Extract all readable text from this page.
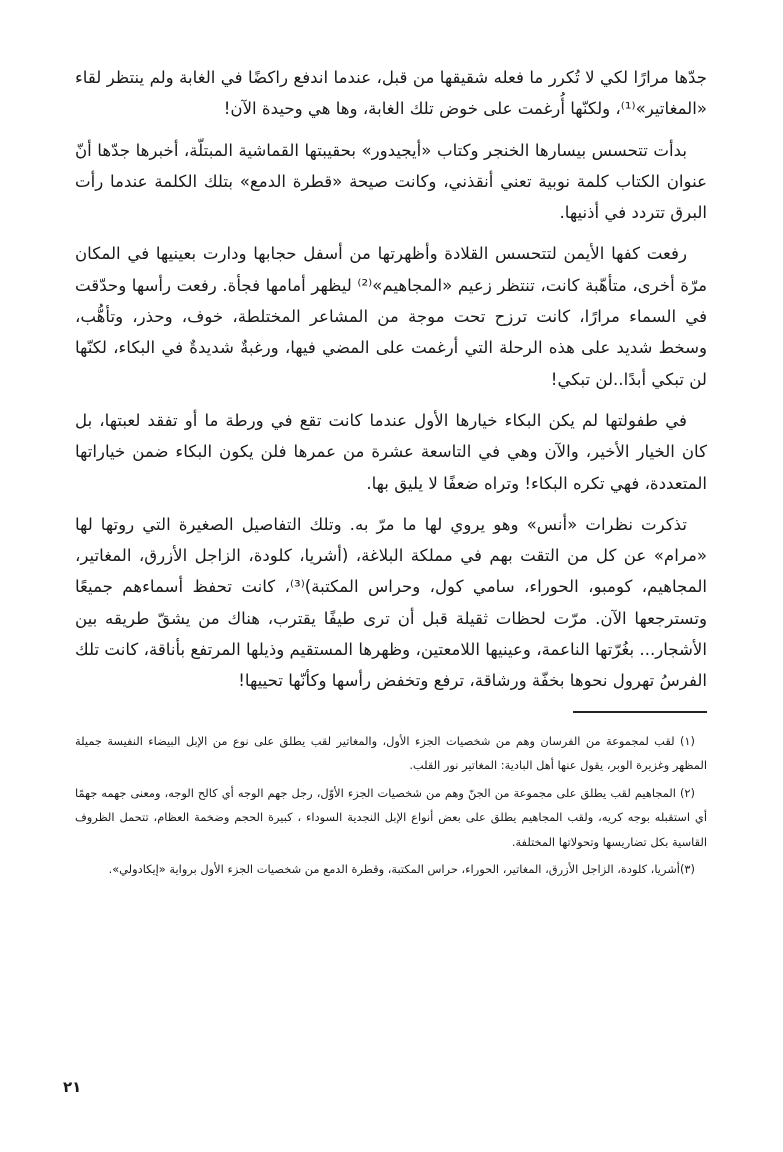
جدّها مرارًا لكي لا تُكرر ما فعله شقيقها من قبل، عندما اندفع راكضًا في الغابة ولم ينتظر لقاء «المغاتير»⁽¹⁾، ولكنّها أُرغمت على خوض تلك الغابة، وها هي وحيدة الآن!

بدأت تتحسس بيسارها الخنجر وكتاب «أيجيدور» بحقيبتها القماشية المبتلّة، أخبرها جدّها أنّ عنوان الكتاب كلمة نوبية تعني أنقذني، وكانت صيحة «قطرة الدمع» بتلك الكلمة عندما رأت البرق تتردد في أذنيها.

رفعت كفها الأيمن لتتحسس القلادة وأظهرتها من أسفل حجابها ودارت بعينيها في المكان مرّة أخرى، متأهّبة كانت، تنتظر زعيم «المجاهيم»⁽²⁾ ليظهر أمامها فجأة. رفعت رأسها وحدّقت في السماء مرارًا، كانت ترزح تحت موجة من المشاعر المختلطة، خوف، وحذر، وتأهُّب، وسخط شديد على هذه الرحلة التي أرغمت على المضي فيها، ورغبةٌ شديدةٌ في البكاء، لكنّها لن تبكي أبدًا..لن تبكي!

في طفولتها لم يكن البكاء خيارها الأول عندما كانت تقع في ورطة ما أو تفقد لعبتها، بل كان الخيار الأخير، والآن وهي في التاسعة عشرة من عمرها فلن يكون البكاء ضمن خياراتها المتعددة، فهي تكره البكاء! وتراه ضعفًا لا يليق بها.

تذكرت نظرات «أنس» وهو يروي لها ما مرّ به. وتلك التفاصيل الصغيرة التي روتها لها «مرام» عن كل من التقت بهم في مملكة البلاغة، (أشريا، كلودة، الزاجل الأزرق، المغاتير، المجاهيم، كومبو، الحوراء، سامي كول، وحراس المكتبة)⁽³⁾، كانت تحفظ أسماءهم جميعًا وتسترجعها الآن. مرّت لحظات ثقيلة قبل أن ترى طيفًا يقترب، هناك من يشقّ طريقه بين الأشجار... بغُرّتها الناعمة، وعينيها اللامعتين، وظهرها المستقيم وذيلها المرتفع بأناقة، كانت تلك الفرسُ تهرول نحوها بخفّة ورشاقة، ترفع وتخفض رأسها وكأنّها تحييها!

(١) لقب لمجموعة من الفرسان وهم من شخصيات الجزء الأول، والمغاتير لقب يطلق على نوع من الإبل البيضاء النفيسة جميلة المظهر وغزيرة الوبر، يقول عنها أهل البادية: المغاتير نور القلب.

(٢) المجاهيم لقب يطلق على مجموعة من الجنّ وهم من شخصيات الجزء الأوّل، رجل جهم الوجه أي كالح الوجه، ومعنى جهمه جهمًا أي استقبله بوجه كريه، ولقب المجاهيم يطلق على بعض أنواع الإبل النجدية السوداء ، كبيرة الحجم وضخمة العظام، تتحمل الظروف القاسية بكل تضاريسها وتحولاتها المختلفة.

(٣)أشريا، كلودة، الزاجل الأزرق، المغاتير، الحوراء، حراس المكتبة، وقطرة الدمع من شخصيات الجزء الأول برواية «إيكادولي».

٢١
